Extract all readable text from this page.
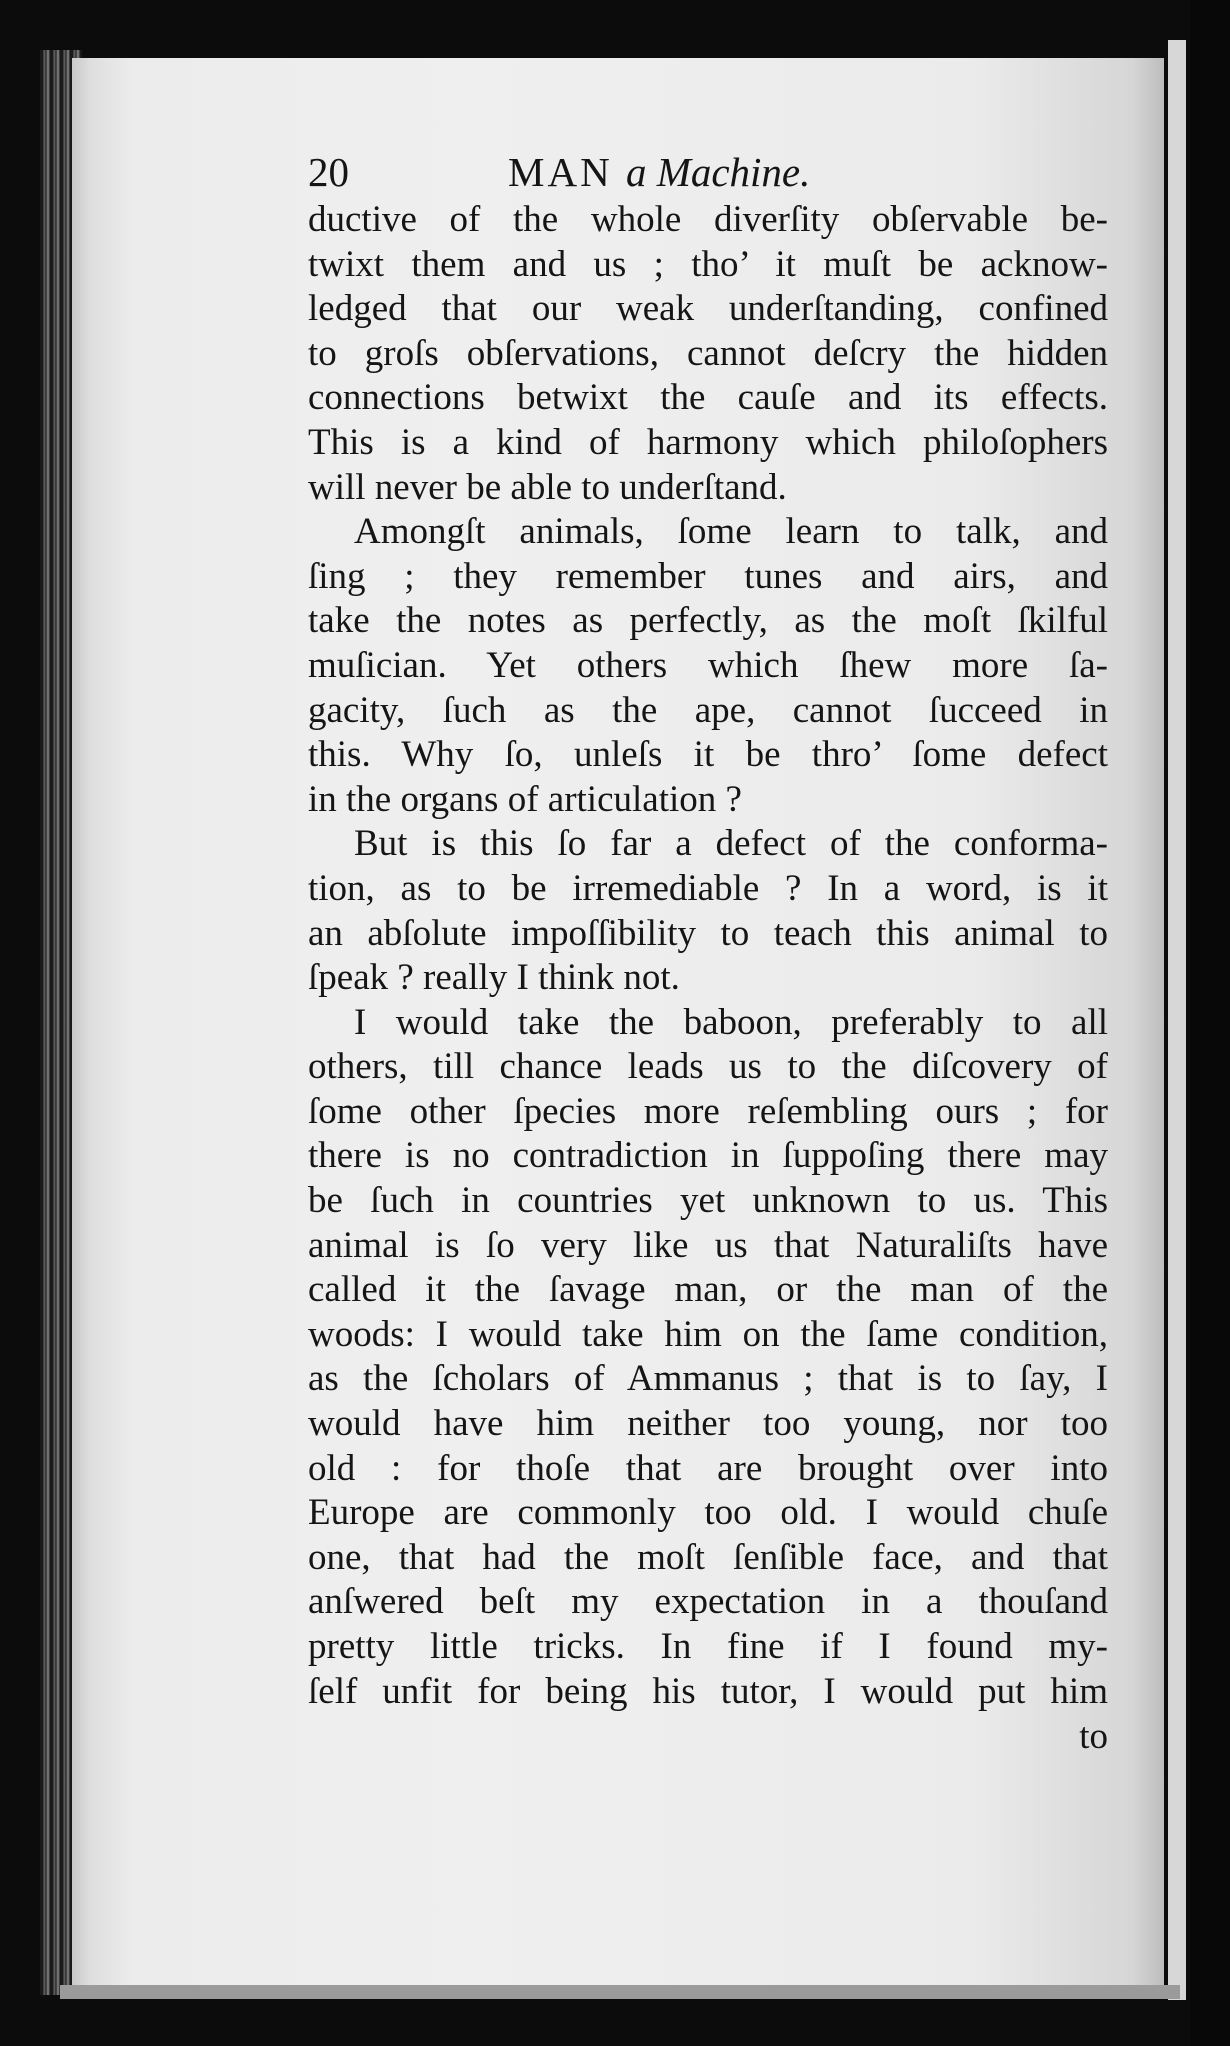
20	MAN a Machine.
ductive of the whole diverſity obſervable be-
twixt them and us ; tho’ it muſt be acknow-
ledged that our weak underſtanding, confined
to groſs obſervations, cannot deſcry the hidden
connections betwixt the cauſe and its effects.
This is a kind of harmony which philoſophers
will never be able to underſtand.
Amongſt animals, ſome learn to talk, and
ſing ; they remember tunes and airs, and
take the notes as perfectly, as the moſt ſkilful
muſician. Yet others which ſhew more ſa-
gacity, ſuch as the ape, cannot ſucceed in
this. Why ſo, unleſs it be thro’ ſome defect
in the organs of articulation ?
But is this ſo far a defect of the conforma-
tion, as to be irremediable ? In a word, is it
an abſolute impoſſibility to teach this animal to
ſpeak ? really I think not.
I would take the baboon, preferably to all
others, till chance leads us to the diſcovery of
ſome other ſpecies more reſembling ours ; for
there is no contradiction in ſuppoſing there may
be ſuch in countries yet unknown to us. This
animal is ſo very like us that Naturaliſts have
called it the ſavage man, or the man of the
woods: I would take him on the ſame condition,
as the ſcholars of Ammanus ; that is to ſay, I
would have him neither too young, nor too
old : for thoſe that are brought over into
Europe are commonly too old. I would chuſe
one, that had the moſt ſenſible face, and that
anſwered beſt my expectation in a thouſand
pretty little tricks. In fine if I found my-
ſelf unfit for being his tutor, I would put him
to
